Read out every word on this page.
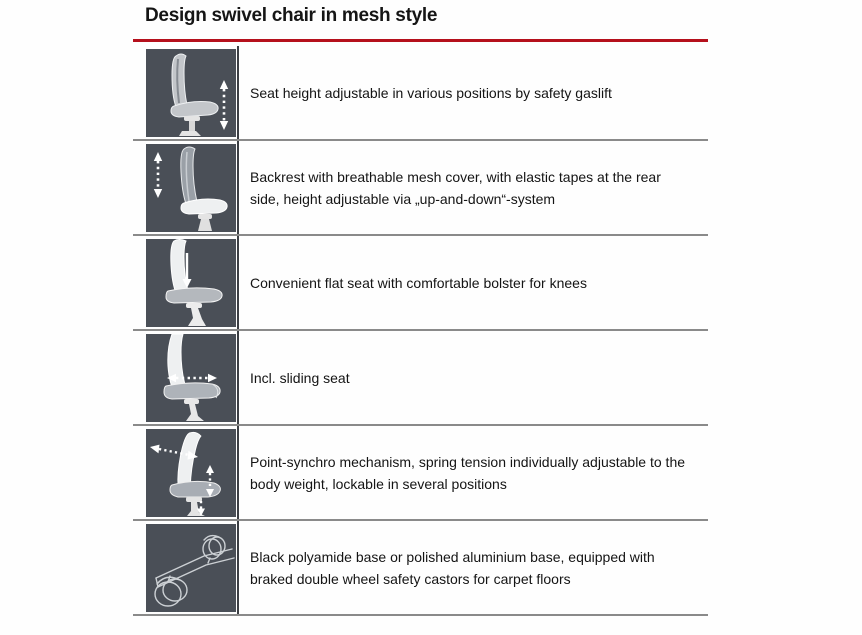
Design swivel chair in mesh style

Seat height adjustable in various positions by safety gaslift

Backrest with breathable mesh cover, with elastic tapes at the rear side, height adjustable via „up-and-down“-system

Convenient flat seat with comfortable bolster for knees

Incl. sliding seat

Point-synchro mechanism, spring tension individually adjustable to the body weight, lockable in several positions

Black polyamide base or polished aluminium base, equipped with braked double wheel safety castors for carpet floors
